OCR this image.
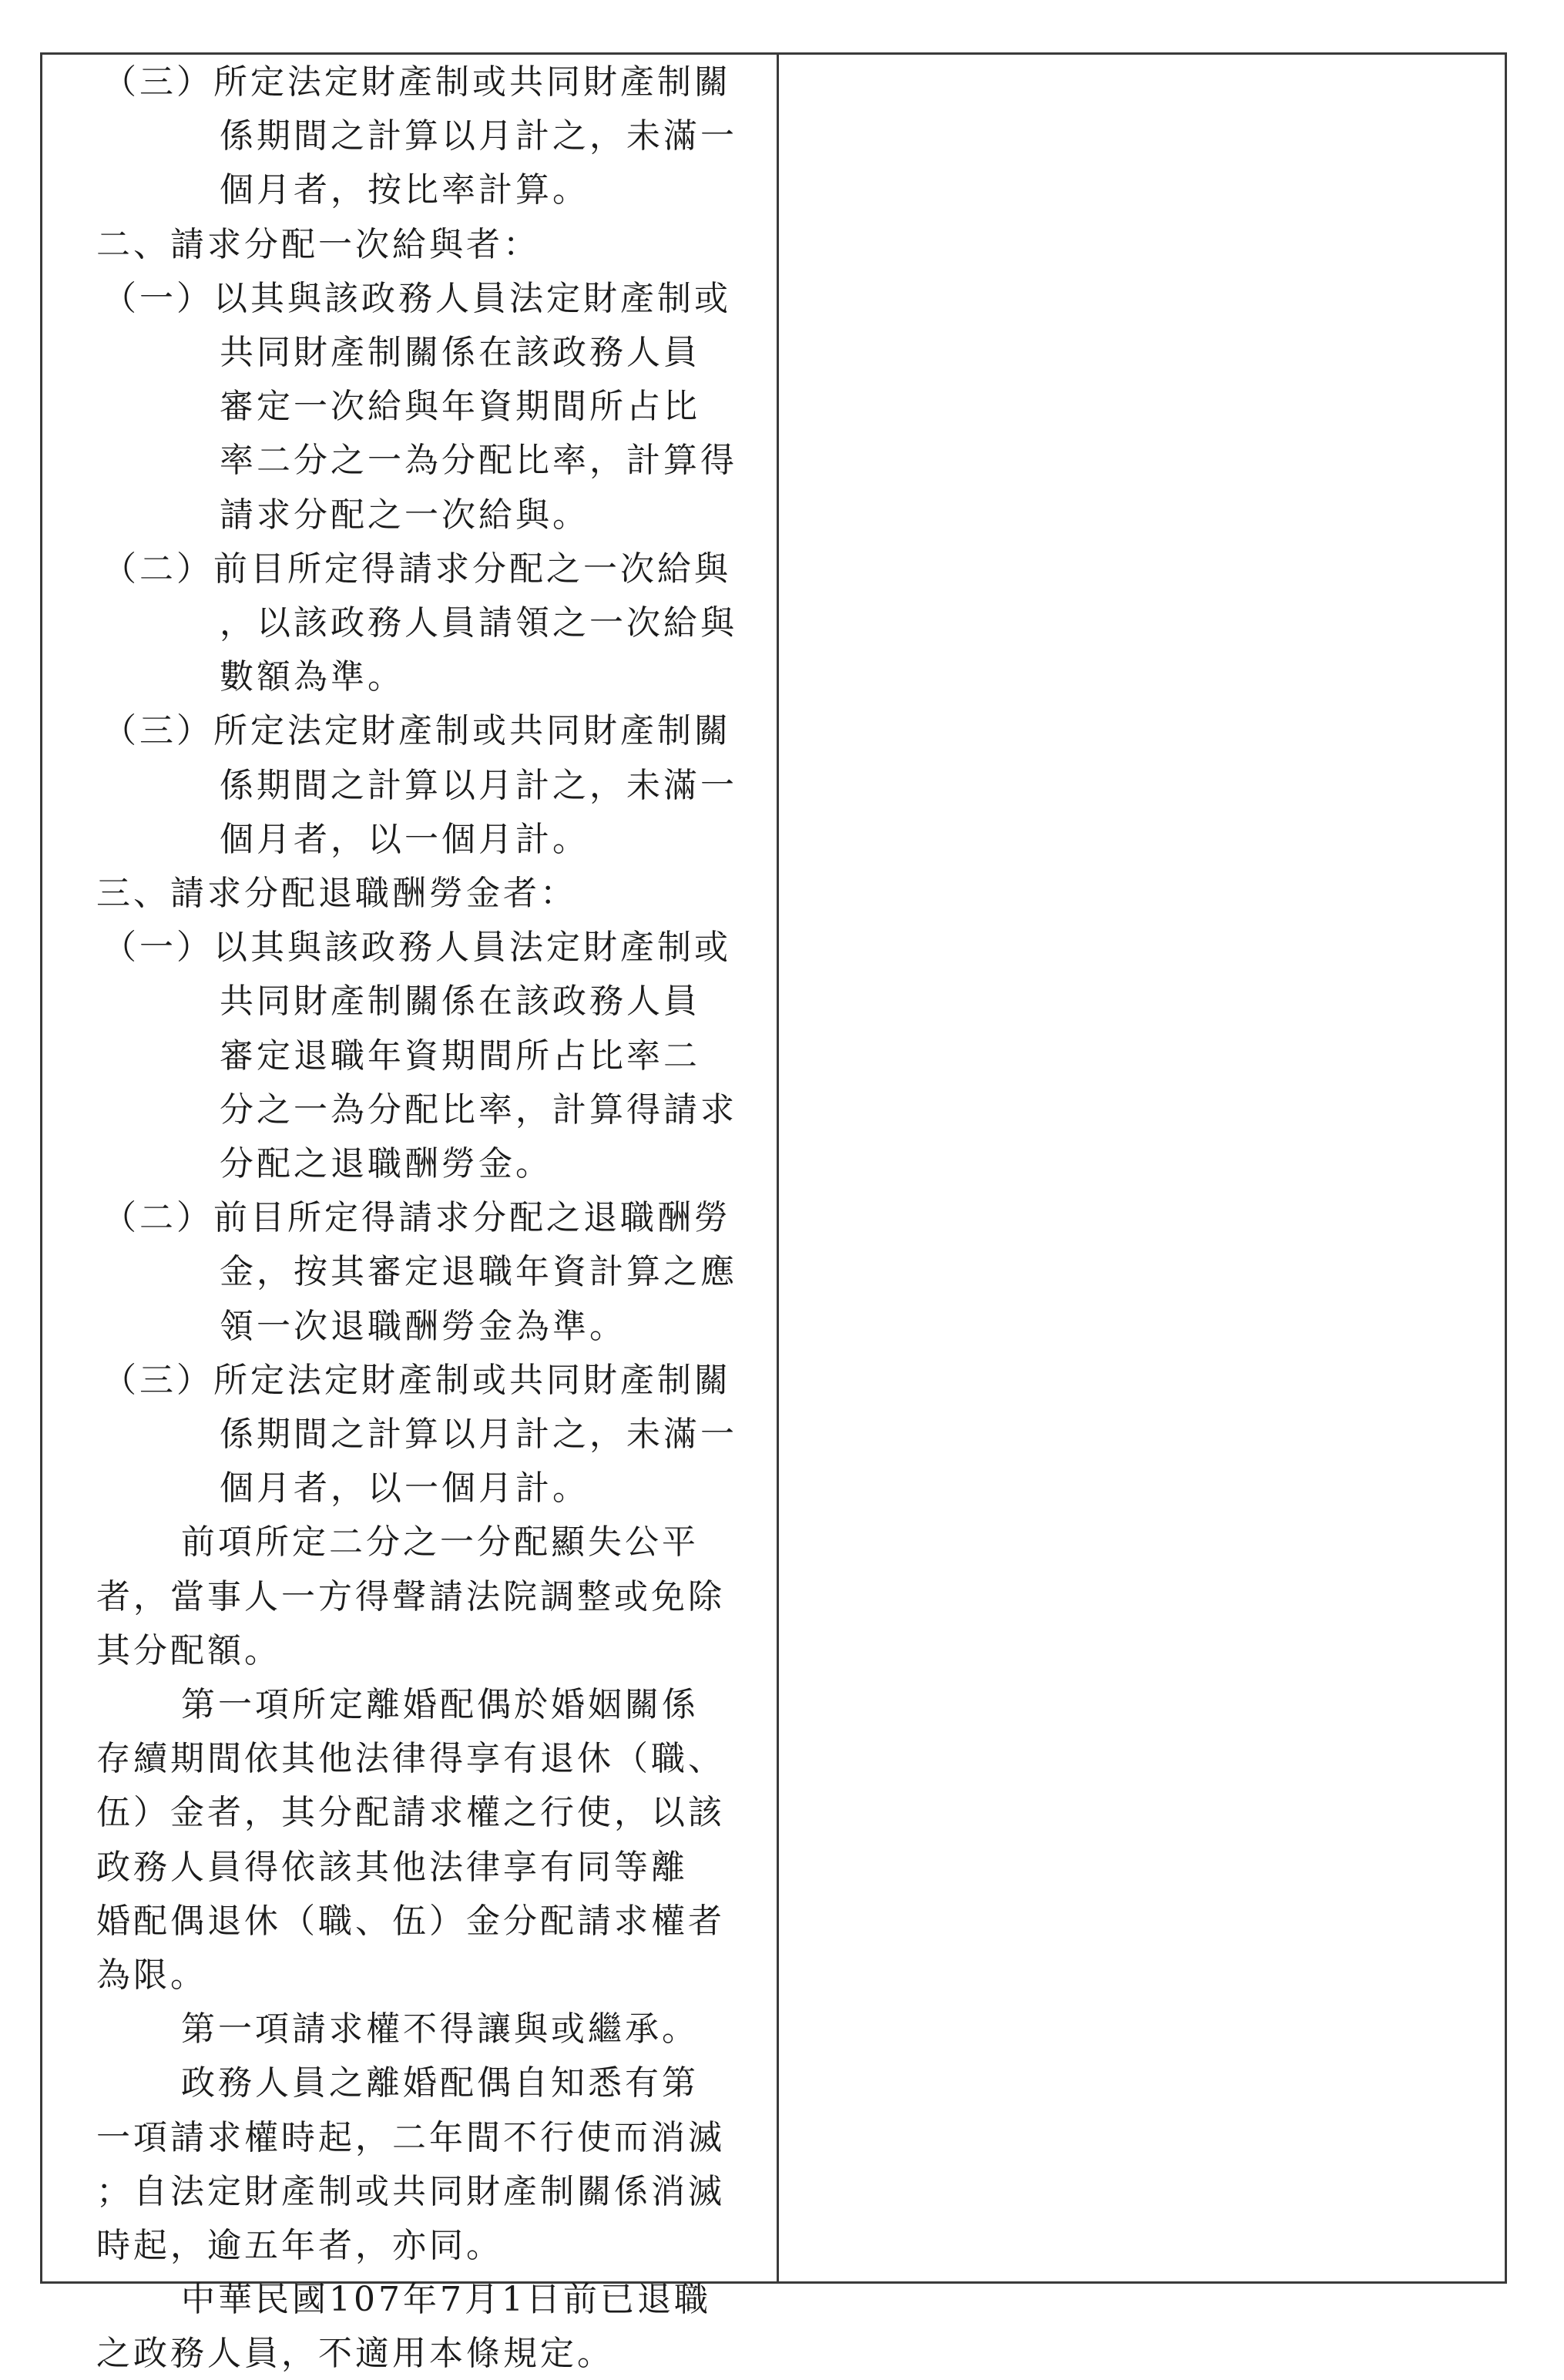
（三）所定法定財產制或共同財產制關
係期間之計算以月計之，未滿一
個月者，按比率計算。
二、請求分配一次給與者：
（一）以其與該政務人員法定財產制或
共同財產制關係在該政務人員
審定一次給與年資期間所占比
率二分之一為分配比率，計算得
請求分配之一次給與。
（二）前目所定得請求分配之一次給與
，以該政務人員請領之一次給與
數額為準。
（三）所定法定財產制或共同財產制關
係期間之計算以月計之，未滿一
個月者，以一個月計。
三、請求分配退職酬勞金者：
（一）以其與該政務人員法定財產制或
共同財產制關係在該政務人員
審定退職年資期間所占比率二
分之一為分配比率，計算得請求
分配之退職酬勞金。
（二）前目所定得請求分配之退職酬勞
金，按其審定退職年資計算之應
領一次退職酬勞金為準。
（三）所定法定財產制或共同財產制關
係期間之計算以月計之，未滿一
個月者，以一個月計。
前項所定二分之一分配顯失公平
者，當事人一方得聲請法院調整或免除
其分配額。
第一項所定離婚配偶於婚姻關係
存續期間依其他法律得享有退休（職、
伍）金者，其分配請求權之行使，以該
政務人員得依該其他法律享有同等離
婚配偶退休（職、伍）金分配請求權者
為限。
第一項請求權不得讓與或繼承。
政務人員之離婚配偶自知悉有第
一項請求權時起，二年間不行使而消滅
；自法定財產制或共同財產制關係消滅
時起，逾五年者，亦同。
中華民國107年7月1日前已退職
之政務人員，不適用本條規定。
